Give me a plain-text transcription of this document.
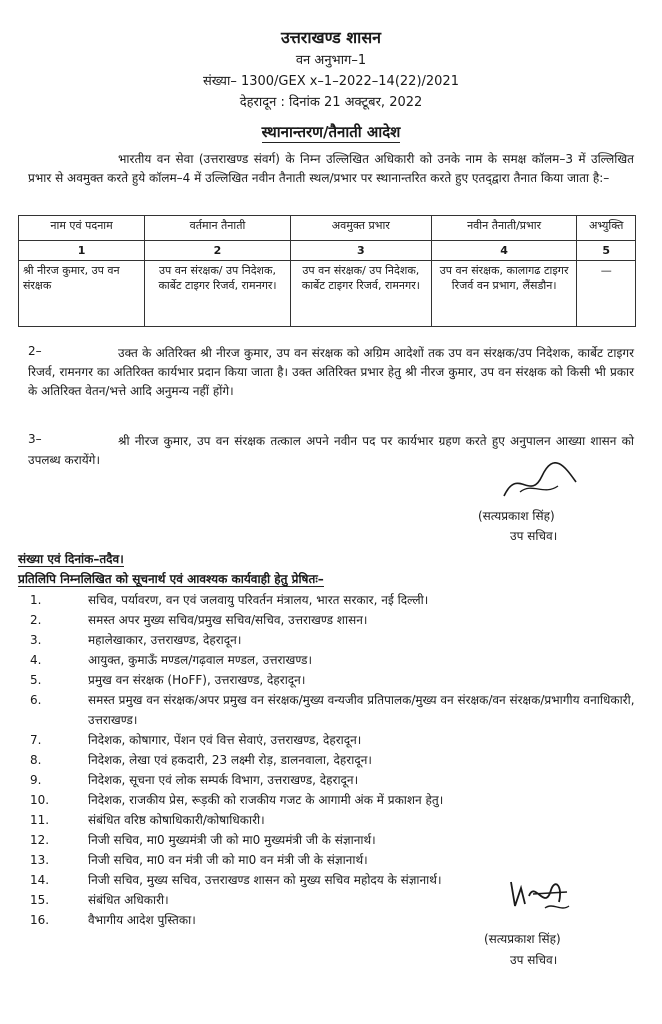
उत्तराखण्ड शासन
वन अनुभाग–1
संख्या– 1300/GEX x–1–2022–14(22)/2021
देहरादून : दिनांक 21 अक्टूबर, 2022
स्थानान्तरण/तैनाती आदेश
भारतीय वन सेवा (उत्तराखण्ड संवर्ग) के निम्न उल्लिखित अधिकारी को उनके नाम के समक्ष कॉलम–3 में उल्लिखित प्रभार से अवमुक्त करते हुये कॉलम–4 में उल्लिखित नवीन तैनाती स्थल/प्रभार पर स्थानान्तरित करते हुए एतद्‌द्वारा तैनात किया जाता है:–
नाम एवं पदनाम	वर्तमान तैनाती	अवमुक्त प्रभार	नवीन तैनाती/प्रभार	अभ्युक्ति
1	2	3	4	5
श्री नीरज कुमार, उप वन संरक्षक	उप वन संरक्षक/ उप निदेशक, कार्बेट टाइगर रिजर्व, रामनगर।	उप वन संरक्षक/ उप निदेशक, कार्बेट टाइगर रिजर्व, रामनगर।	उप वन संरक्षक, कालागढ टाइगर रिजर्व वन प्रभाग, लैंसडौन।	—
2–	उक्त के अतिरिक्त श्री नीरज कुमार, उप वन संरक्षक को अग्रिम आदेशों तक उप वन संरक्षक/उप निदेशक, कार्बेट टाइगर रिजर्व, रामनगर का अतिरिक्त कार्यभार प्रदान किया जाता है। उक्त अतिरिक्त प्रभार हेतु श्री नीरज कुमार, उप वन संरक्षक को किसी भी प्रकार के अतिरिक्त वेतन/भत्ते आदि अनुमन्य नहीं होंगे।
3–	श्री नीरज कुमार, उप वन संरक्षक तत्काल अपने नवीन पद पर कार्यभार ग्रहण करते हुए अनुपालन आख्या शासन को उपलब्ध करायेंगे।
(सत्यप्रकाश सिंह)
उप सचिव।
संख्या एवं दिनांक–तदैव।
प्रतिलिपि निम्नलिखित को सूचनार्थ एवं आवश्यक कार्यवाही हेतु प्रेषितः–
1.	सचिव, पर्यावरण, वन एवं जलवायु परिवर्तन मंत्रालय, भारत सरकार, नई दिल्ली।
2.	समस्त अपर मुख्य सचिव/प्रमुख सचिव/सचिव, उत्तराखण्ड शासन।
3.	महालेखाकार, उत्तराखण्ड, देहरादून।
4.	आयुक्त, कुमाऊँ मण्डल/गढ़वाल मण्डल, उत्तराखण्ड।
5.	प्रमुख वन संरक्षक (HoFF), उत्तराखण्ड, देहरादून।
6.	समस्त प्रमुख वन संरक्षक/अपर प्रमुख वन संरक्षक/मुख्य वन्यजीव प्रतिपालक/मुख्य वन संरक्षक/वन संरक्षक/प्रभागीय वनाधिकारी, उत्तराखण्ड।
7.	निदेशक, कोषागार, पेंशन एवं वित्त सेवाएं, उत्तराखण्ड, देहरादून।
8.	निदेशक, लेखा एवं हकदारी, 23 लक्ष्मी रोड़, डालनवाला, देहरादून।
9.	निदेशक, सूचना एवं लोक सम्पर्क विभाग, उत्तराखण्ड, देहरादून।
10.	निदेशक, राजकीय प्रेस, रूड़की को राजकीय गजट के आगामी अंक में प्रकाशन हेतु।
11.	संबंधित वरिष्ठ कोषाधिकारी/कोषाधिकारी।
12.	निजी सचिव, मा0 मुख्यमंत्री जी को मा0 मुख्यमंत्री जी के संज्ञानार्थ।
13.	निजी सचिव, मा0 वन मंत्री जी को मा0 वन मंत्री जी के संज्ञानार्थ।
14.	निजी सचिव, मुख्य सचिव, उत्तराखण्ड शासन को मुख्य सचिव महोदय के संज्ञानार्थ।
15.	संबंधित अधिकारी।
16.	वैभागीय आदेश पुस्तिका।
(सत्यप्रकाश सिंह)
उप सचिव।
